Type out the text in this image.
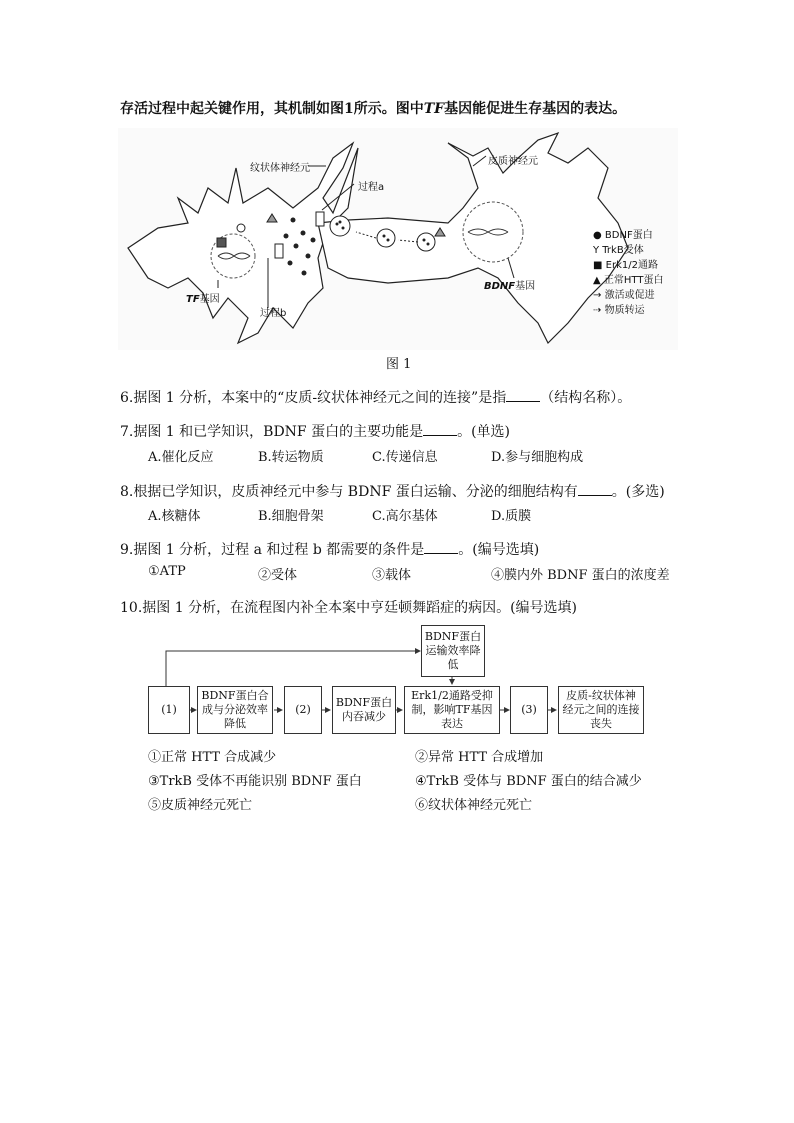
存活过程中起关键作用，其机制如图1所示。图中TF基因能促进生存基因的表达。
纹状体神经元
皮质神经元
过程a
过程b
TF基因
BDNF基因
● BDNF蛋白
Y TrkB受体
■ Erk1/2通路
▲ 正常HTT蛋白
→ 激活或促进
⇢ 物质转运
图 1
6.据图 1 分析，本案中的“皮质-纹状体神经元之间的连接”是指 （结构名称）。
7.据图 1 和已学知识，BDNF 蛋白的主要功能是 。(单选)
A.催化反应	B.转运物质	C.传递信息	D.参与细胞构成
8.根据已学知识，皮质神经元中参与 BDNF 蛋白运输、分泌的细胞结构有 。(多选)
A.核糖体	B.细胞骨架	C.高尔基体	D.质膜
9.据图 1 分析，过程 a 和过程 b 都需要的条件是 。(编号选填)
①ATP	②受体	③载体	④膜内外 BDNF 蛋白的浓度差
10.据图 1 分析，在流程图内补全本案中亨廷顿舞蹈症的病因。(编号选填)
BDNF蛋白运输效率降低
(1)
BDNF蛋白合成与分泌效率降低
(2)
BDNF蛋白内吞减少
Erk1/2通路受抑制，影响TF基因表达
(3)
皮质-纹状体神经元之间的连接丧失
①正常 HTT 合成减少	②异常 HTT 合成增加
③TrkB 受体不再能识别 BDNF 蛋白	④TrkB 受体与 BDNF 蛋白的结合减少
⑤皮质神经元死亡	⑥纹状体神经元死亡
